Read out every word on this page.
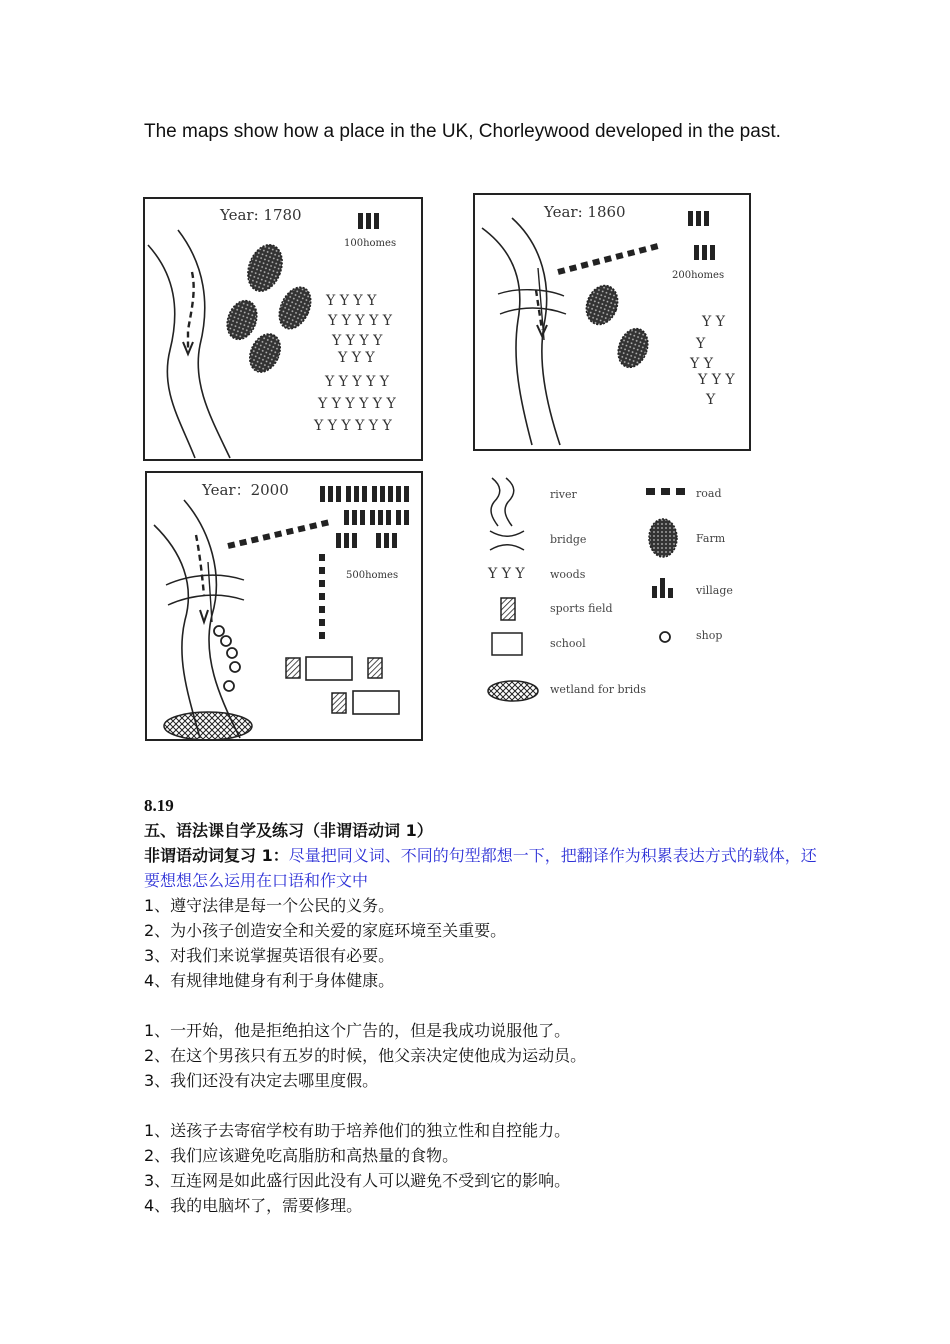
The maps show how a place in the UK, Chorleywood developed in the past.

Year: 1780
100homes
Y Y Y Y
Y Y Y Y Y
Y Y Y Y
Y Y Y
Y Y Y Y Y
Y Y Y Y Y Y
Y Y Y Y Y Y
Year: 1860
200homes
Y Y
Y
Y Y
Y Y Y
Y
Year：2000
500homes
river	road
bridge	Farm
Y Y Y woods
village
sports field
school
shop
wetland for brids

8.19

五、语法课自学及练习（非谓语动词 1）

非谓语动词复习 1：尽量把同义词、不同的句型都想一下，把翻译作为积累表达方式的载体，还要想想怎么运用在口语和作文中

1、遵守法律是每一个公民的义务。

2、为小孩子创造安全和关爱的家庭环境至关重要。

3、对我们来说掌握英语很有必要。

4、有规律地健身有利于身体健康。

1、一开始，他是拒绝拍这个广告的，但是我成功说服他了。

2、在这个男孩只有五岁的时候，他父亲决定使他成为运动员。

3、我们还没有决定去哪里度假。

1、送孩子去寄宿学校有助于培养他们的独立性和自控能力。

2、我们应该避免吃高脂肪和高热量的食物。

3、互连网是如此盛行因此没有人可以避免不受到它的影响。

4、我的电脑坏了，需要修理。
